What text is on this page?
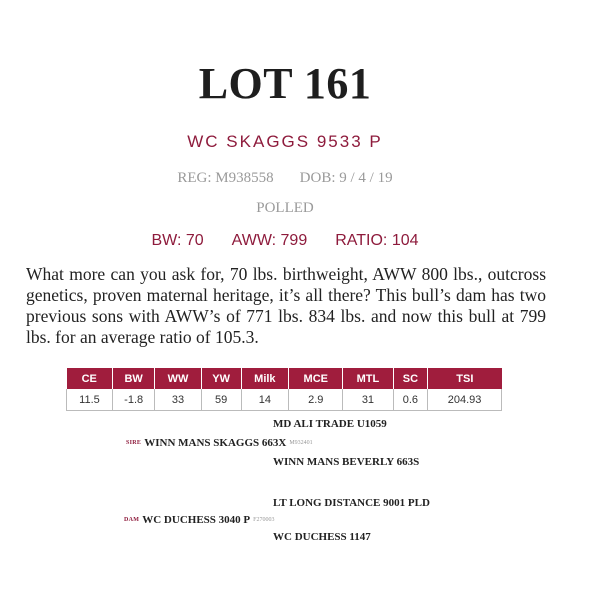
LOT 161
WC SKAGGS 9533 P
REG: M938558 DOB: 9 / 4 / 19
POLLED
BW: 70 AWW: 799 RATIO: 104
What more can you ask for, 70 lbs. birthweight, AWW 800 lbs., outcross genetics, proven maternal heritage, it’s all there? This bull’s dam has two previous sons with AWW’s of 771 lbs. 834 lbs. and now this bull at 799 lbs. for an average ratio of 105.3.
CE	BW	WW	YW	Milk	MCE	MTL	SC	TSI
11.5	-1.8	33	59	14	2.9	31	0.6	204.93
MD ALI TRADE U1059
SIRE WINN MANS SKAGGS 663X M932401
WINN MANS BEVERLY 663S
LT LONG DISTANCE 9001 PLD
DAM WC DUCHESS 3040 P F270003
WC DUCHESS 1147
